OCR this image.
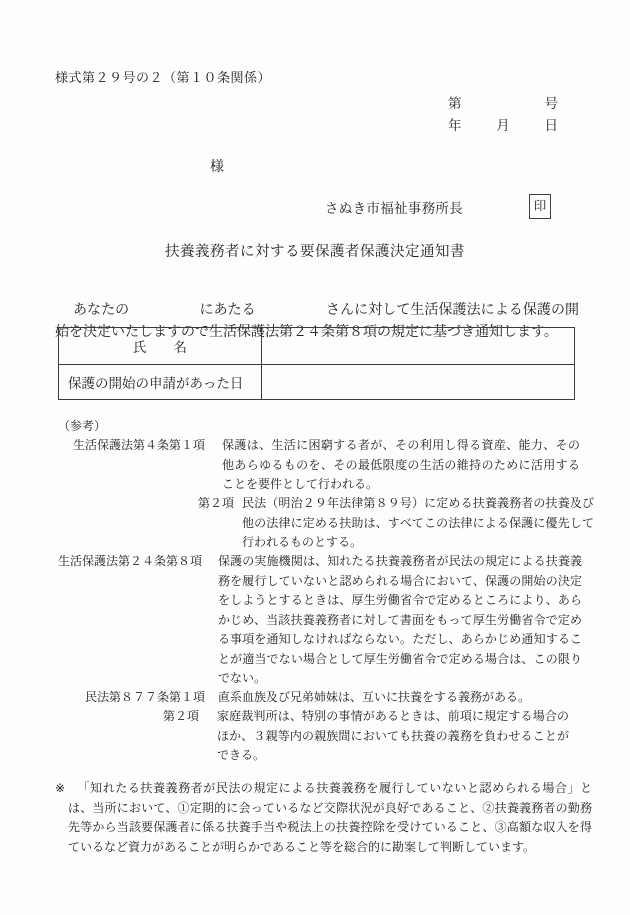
様式第２９号の２（第１０条関係）
第	号
年	月	日
様
さぬき市福祉事務所長	印
扶養義務者に対する要保護者保護決定通知書

あなたの　　　　　にあたる　　　　　さんに対して生活保護法による保護の開始を決定いたしますので生活保護法第２４条第８項の規定に基づき通知します。

氏　　名	
保護の開始の申請があった日	
（参考）
生活保護法第４条第１項	保護は、生活に困窮する者が、その利用し得る資産、能力、その他あらゆるものを、その最低限度の生活の維持のために活用することを要件として行われる。
第２項 民法（明治２９年法律第８９号）に定める扶養義務者の扶養及び他の法律に定める扶助は、すべてこの法律による保護に優先して行われるものとする。
生活保護法第２４条第８項	保護の実施機関は、知れたる扶養義務者が民法の規定による扶養義務を履行していないと認められる場合において、保護の開始の決定をしようとするときは、厚生労働省令で定めるところにより、あらかじめ、当該扶養義務者に対して書面をもって厚生労働省令で定める事項を通知しなければならない。ただし、あらかじめ通知することが適当でない場合として厚生労働省令で定める場合は、この限りでない。
民法第８７７条第１項	直系血族及び兄弟姉妹は、互いに扶養をする義務がある。
第２項	家庭裁判所は、特別の事情があるときは、前項に規定する場合のほか、３親等内の親族間においても扶養の義務を負わせることができる。

※ 「知れたる扶養義務者が民法の規定による扶養義務を履行していないと認められる場合」とは、当所において、①定期的に会っているなど交際状況が良好であること、②扶養義務者の勤務先等から当該要保護者に係る扶養手当や税法上の扶養控除を受けていること、③高額な収入を得ているなど資力があることが明らかであること等を総合的に勘案して判断しています。
